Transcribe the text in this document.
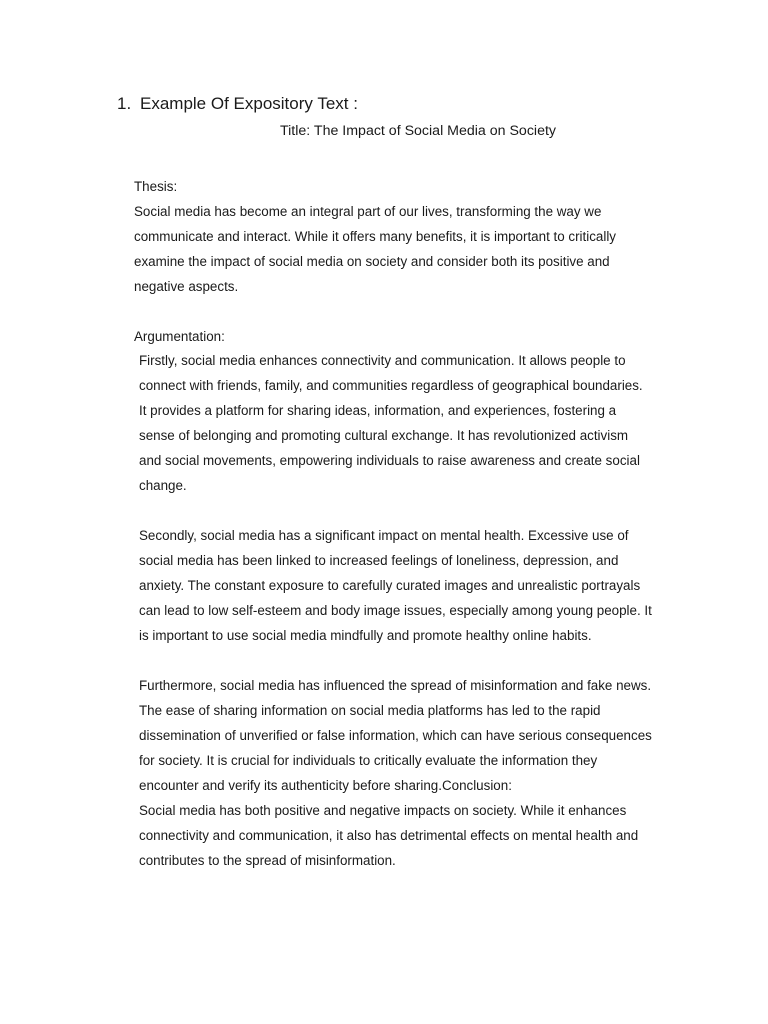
1. Example Of Expository Text :
Title: The Impact of Social Media on Society
Thesis:
Social media has become an integral part of our lives, transforming the way we
communicate and interact. While it offers many benefits, it is important to critically
examine the impact of social media on society and consider both its positive and
negative aspects.
Argumentation:
Firstly, social media enhances connectivity and communication. It allows people to
connect with friends, family, and communities regardless of geographical boundaries.
It provides a platform for sharing ideas, information, and experiences, fostering a
sense of belonging and promoting cultural exchange. It has revolutionized activism
and social movements, empowering individuals to raise awareness and create social
change.
Secondly, social media has a significant impact on mental health. Excessive use of
social media has been linked to increased feelings of loneliness, depression, and
anxiety. The constant exposure to carefully curated images and unrealistic portrayals
can lead to low self-esteem and body image issues, especially among young people. It
is important to use social media mindfully and promote healthy online habits.
Furthermore, social media has influenced the spread of misinformation and fake news.
The ease of sharing information on social media platforms has led to the rapid
dissemination of unverified or false information, which can have serious consequences
for society. It is crucial for individuals to critically evaluate the information they
encounter and verify its authenticity before sharing.Conclusion:
Social media has both positive and negative impacts on society. While it enhances
connectivity and communication, it also has detrimental effects on mental health and
contributes to the spread of misinformation.
